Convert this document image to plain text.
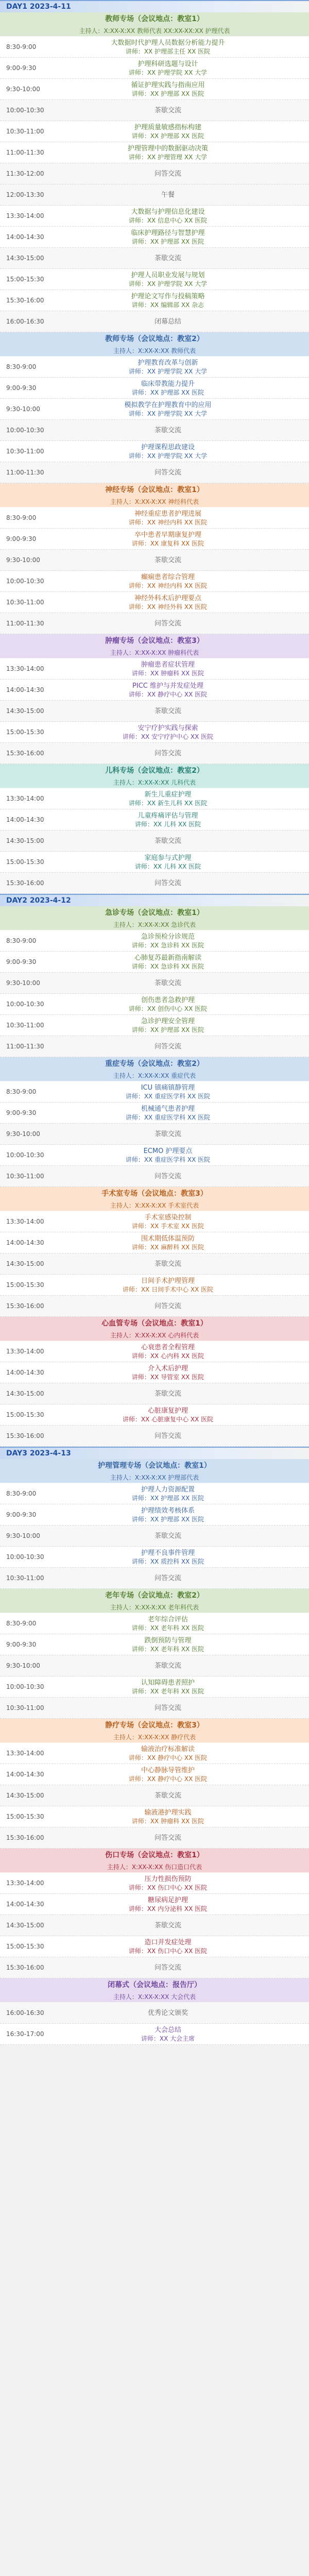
DAY1 2023-4-11
教师专场（会议地点：教室1）
主持人：X:XX-X:XX 教师代表 XX:XX-XX:XX 护理代表
8:30-9:00
大数据时代护理人员数据分析能力提升
讲师：XX 护理部主任 XX 医院
9:00-9:30
护理科研选题与设计
讲师：XX 护理学院 XX 大学
9:30-10:00
循证护理实践与指南应用
讲师：XX 护理部 XX 医院
10:00-10:30	茶歇交流
10:30-11:00
护理质量敏感指标构建
讲师：XX 护理部 XX 医院
11:00-11:30
护理管理中的数据驱动决策
讲师：XX 护理管理 XX 大学
11:30-12:00	问答交流
12:00-13:30	午餐
13:30-14:00
大数据与护理信息化建设
讲师：XX 信息中心 XX 医院
14:00-14:30
临床护理路径与智慧护理
讲师：XX 护理部 XX 医院
14:30-15:00	茶歇交流
15:00-15:30
护理人员职业发展与规划
讲师：XX 护理学院 XX 大学
15:30-16:00
护理论文写作与投稿策略
讲师：XX 编辑部 XX 杂志
16:00-16:30	闭幕总结
教师专场（会议地点：教室2）
主持人：X:XX-X:XX 教师代表
8:30-9:00
护理教育改革与创新
讲师：XX 护理学院 XX 大学
9:00-9:30
临床带教能力提升
讲师：XX 护理部 XX 医院
9:30-10:00
模拟教学在护理教育中的应用
讲师：XX 护理学院 XX 大学
10:00-10:30	茶歇交流
10:30-11:00
护理课程思政建设
讲师：XX 护理学院 XX 大学
11:00-11:30	问答交流
神经专场（会议地点：教室1）
主持人：X:XX-X:XX 神经科代表
8:30-9:00
神经重症患者护理进展
讲师：XX 神经内科 XX 医院
9:00-9:30
卒中患者早期康复护理
讲师：XX 康复科 XX 医院
9:30-10:00	茶歇交流
10:00-10:30
癫痫患者综合管理
讲师：XX 神经内科 XX 医院
10:30-11:00
神经外科术后护理要点
讲师：XX 神经外科 XX 医院
11:00-11:30	问答交流
肿瘤专场（会议地点：教室3）
主持人：X:XX-X:XX 肿瘤科代表
13:30-14:00
肿瘤患者症状管理
讲师：XX 肿瘤科 XX 医院
14:00-14:30
PICC 维护与并发症处理
讲师：XX 静疗中心 XX 医院
14:30-15:00	茶歇交流
15:00-15:30
安宁疗护实践与探索
讲师：XX 安宁疗护中心 XX 医院
15:30-16:00	问答交流
儿科专场（会议地点：教室2）
主持人：X:XX-X:XX 儿科代表
13:30-14:00
新生儿重症护理
讲师：XX 新生儿科 XX 医院
14:00-14:30
儿童疼痛评估与管理
讲师：XX 儿科 XX 医院
14:30-15:00	茶歇交流
15:00-15:30
家庭参与式护理
讲师：XX 儿科 XX 医院
15:30-16:00	问答交流
DAY2 2023-4-12
急诊专场（会议地点：教室1）
主持人：X:XX-X:XX 急诊代表
8:30-9:00
急诊预检分诊规范
讲师：XX 急诊科 XX 医院
9:00-9:30
心肺复苏最新指南解读
讲师：XX 急诊科 XX 医院
9:30-10:00	茶歇交流
10:00-10:30
创伤患者急救护理
讲师：XX 创伤中心 XX 医院
10:30-11:00
急诊护理安全管理
讲师：XX 护理部 XX 医院
11:00-11:30	问答交流
重症专场（会议地点：教室2）
主持人：X:XX-X:XX 重症代表
8:30-9:00
ICU 镇痛镇静管理
讲师：XX 重症医学科 XX 医院
9:00-9:30
机械通气患者护理
讲师：XX 重症医学科 XX 医院
9:30-10:00	茶歇交流
10:00-10:30
ECMO 护理要点
讲师：XX 重症医学科 XX 医院
10:30-11:00	问答交流
手术室专场（会议地点：教室3）
主持人：X:XX-X:XX 手术室代表
13:30-14:00
手术室感染控制
讲师：XX 手术室 XX 医院
14:00-14:30
围术期低体温预防
讲师：XX 麻醉科 XX 医院
14:30-15:00	茶歇交流
15:00-15:30
日间手术护理管理
讲师：XX 日间手术中心 XX 医院
15:30-16:00	问答交流
心血管专场（会议地点：教室1）
主持人：X:XX-X:XX 心内科代表
13:30-14:00
心衰患者全程管理
讲师：XX 心内科 XX 医院
14:00-14:30
介入术后护理
讲师：XX 导管室 XX 医院
14:30-15:00	茶歇交流
15:00-15:30
心脏康复护理
讲师：XX 心脏康复中心 XX 医院
15:30-16:00	问答交流
DAY3 2023-4-13
护理管理专场（会议地点：教室1）
主持人：X:XX-X:XX 护理部代表
8:30-9:00
护理人力资源配置
讲师：XX 护理部 XX 医院
9:00-9:30
护理绩效考核体系
讲师：XX 护理部 XX 医院
9:30-10:00	茶歇交流
10:00-10:30
护理不良事件管理
讲师：XX 质控科 XX 医院
10:30-11:00	问答交流
老年专场（会议地点：教室2）
主持人：X:XX-X:XX 老年科代表
8:30-9:00
老年综合评估
讲师：XX 老年科 XX 医院
9:00-9:30
跌倒预防与管理
讲师：XX 老年科 XX 医院
9:30-10:00	茶歇交流
10:00-10:30
认知障碍患者照护
讲师：XX 老年科 XX 医院
10:30-11:00	问答交流
静疗专场（会议地点：教室3）
主持人：X:XX-X:XX 静疗代表
13:30-14:00
输液治疗标准解读
讲师：XX 静疗中心 XX 医院
14:00-14:30
中心静脉导管维护
讲师：XX 静疗中心 XX 医院
14:30-15:00	茶歇交流
15:00-15:30
输液港护理实践
讲师：XX 肿瘤科 XX 医院
15:30-16:00	问答交流
伤口专场（会议地点：教室1）
主持人：X:XX-X:XX 伤口造口代表
13:30-14:00
压力性损伤预防
讲师：XX 伤口中心 XX 医院
14:00-14:30
糖尿病足护理
讲师：XX 内分泌科 XX 医院
14:30-15:00	茶歇交流
15:00-15:30
造口并发症处理
讲师：XX 伤口中心 XX 医院
15:30-16:00	问答交流
闭幕式（会议地点：报告厅）
主持人：X:XX-X:XX 大会代表
16:00-16:30	优秀论文颁奖
16:30-17:00
大会总结
讲师：XX 大会主席
